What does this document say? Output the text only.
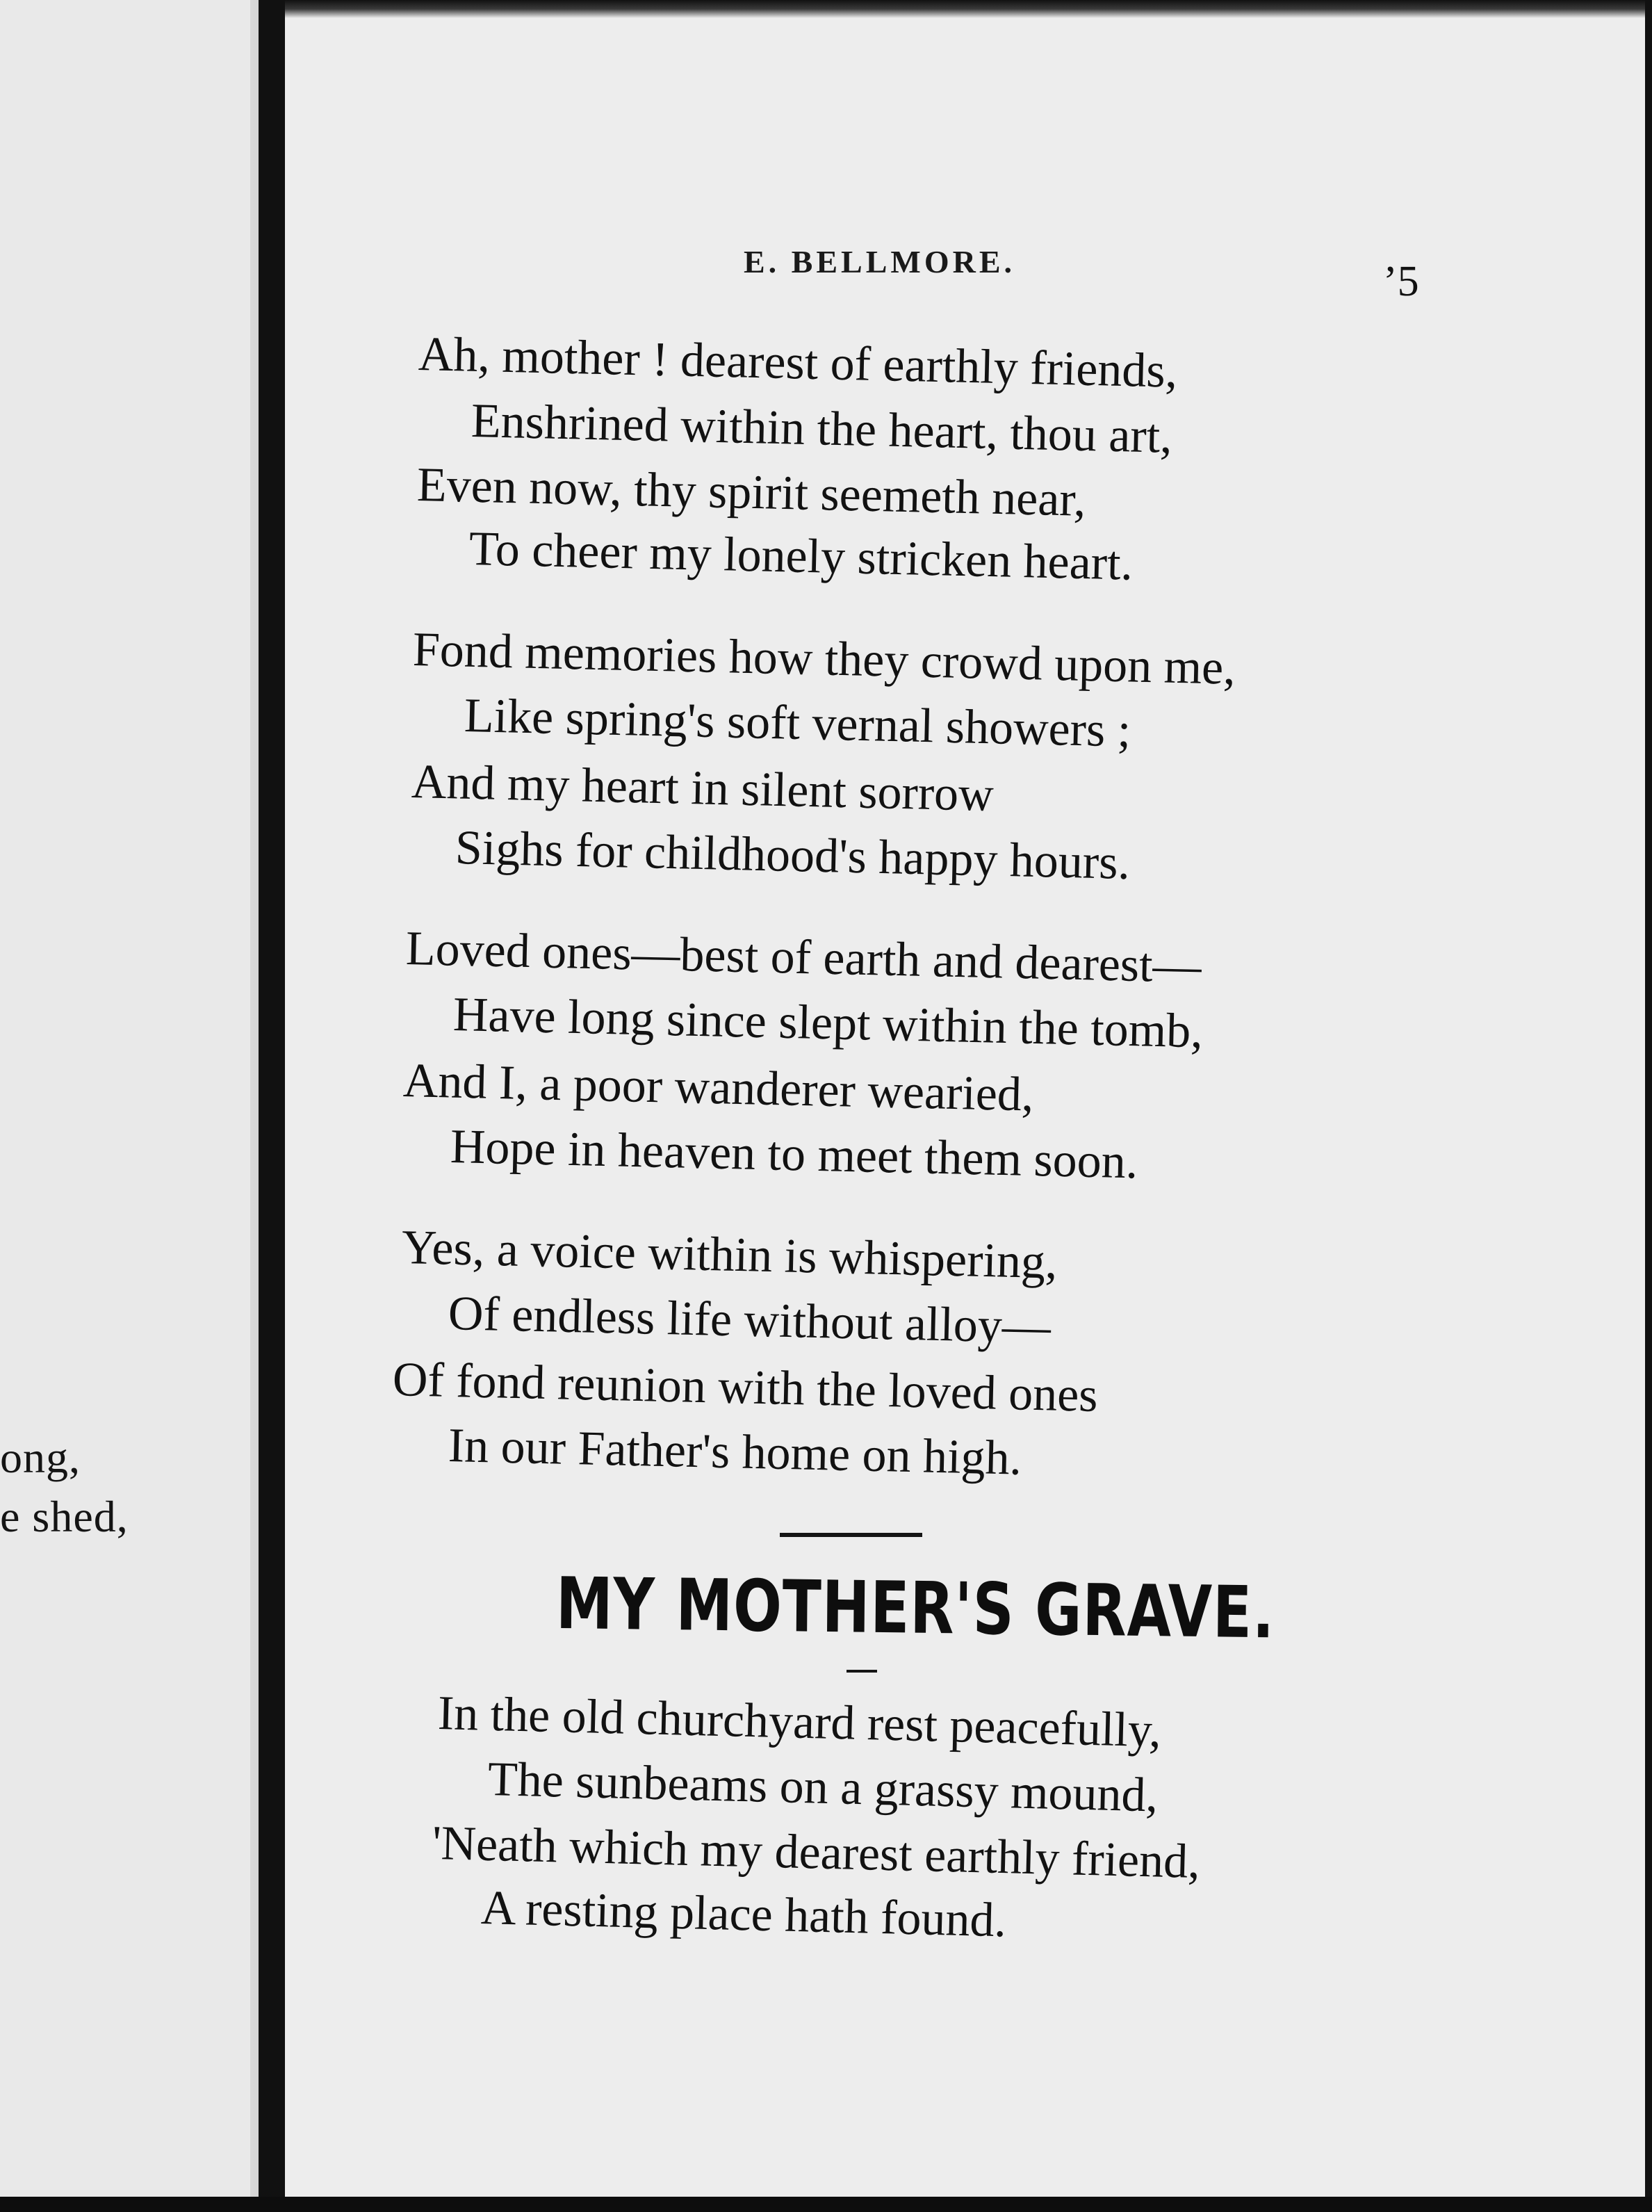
ong,
e shed,
E. BELLMORE.	ʼ5
Ah, mother ! dearest of earthly friends,
Enshrined within the heart, thou art,
Even now, thy spirit seemeth near,
To cheer my lonely stricken heart.
Fond memories how they crowd upon me,
Like spring's soft vernal showers ;
And my heart in silent sorrow
Sighs for childhood's happy hours.
Loved ones—best of earth and dearest—
Have long since slept within the tomb,
And I, a poor wanderer wearied,
Hope in heaven to meet them soon.
Yes, a voice within is whispering,
Of endless life without alloy—
Of fond reunion with the loved ones
In our Father's home on high.
MY MOTHER'S GRAVE.
In the old churchyard rest peacefully,
The sunbeams on a grassy mound,
'Neath which my dearest earthly friend,
A resting place hath found.
